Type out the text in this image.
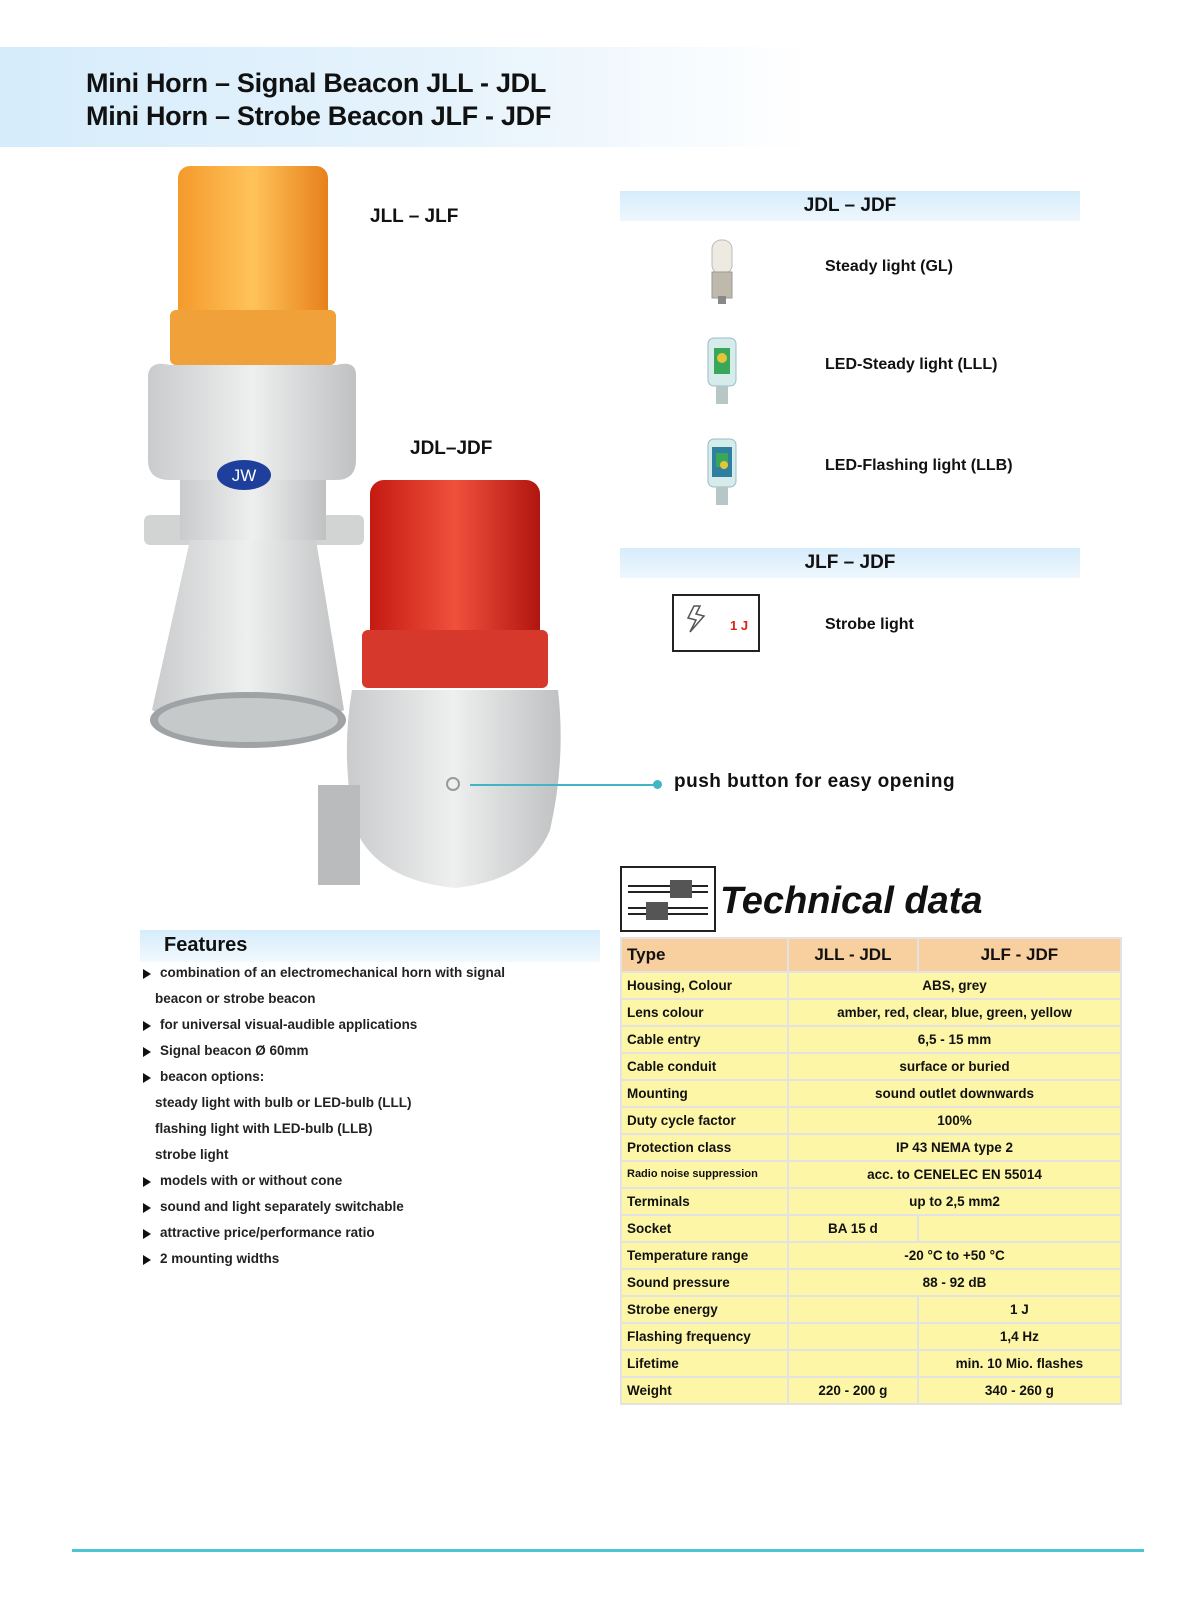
Mini Horn – Signal Beacon JLL - JDL
Mini Horn – Strobe Beacon JLF - JDF
JW
JLL – JLF
JDL–JDF
push button for easy opening
JDL – JDF
Steady light (GL)
LED-Steady light (LLL)
LED-Flashing light (LLB)
JLF – JDF
1 J	Strobe light
Technical data
Type	JLL - JDL	JLF - JDF
Housing, Colour	ABS, grey	
Lens colour	amber, red, clear, blue, green, yellow	
Cable entry	6,5 - 15 mm	
Cable conduit	surface or buried	
Mounting	sound outlet downwards	
Duty cycle factor	100%	
Protection class	IP 43 NEMA type 2	
Radio noise suppression	acc. to CENELEC EN 55014	
Terminals	up to 2,5 mm2	
Socket	BA 15 d	
Temperature range	-20 °C to +50 °C	
Sound pressure	88 - 92 dB	
Strobe energy		1 J
Flashing frequency		1,4 Hz
Lifetime		min. 10 Mio. flashes
Weight	220 - 200 g	340 - 260 g
Features
combination of an electromechanical horn with signal
beacon or strobe beacon
for universal visual-audible applications
Signal beacon Ø 60mm
beacon options:
steady light with bulb or LED-bulb (LLL)
flashing light with LED-bulb (LLB)
strobe light
models with or without cone
sound and light separately switchable
attractive price/performance ratio
2 mounting widths
